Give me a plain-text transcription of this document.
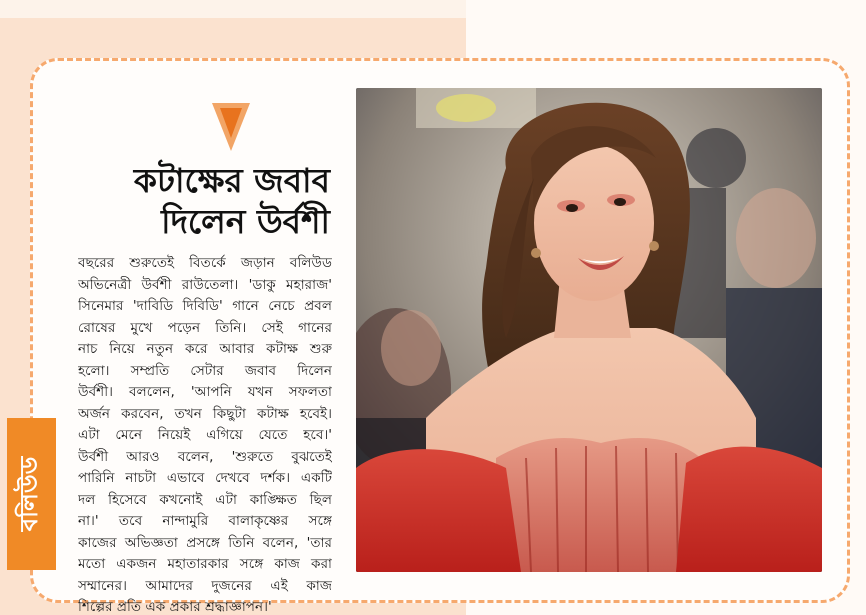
কটাক্ষের জবাব
দিলেন উর্বশী
বছরের শুরুতেই বিতর্কে জড়ান বলিউড
অভিনেত্রী উর্বশী রাউতেলা। 'ডাকু মহারাজ'
সিনেমার 'দাবিডি দিবিডি' গানে নেচে প্রবল
রোষের মুখে পড়েন তিনি। সেই গানের
নাচ নিয়ে নতুন করে আবার কটাক্ষ শুরু
হলো। সম্প্রতি সেটার জবাব দিলেন
উর্বশী। বললেন, 'আপনি যখন সফলতা
অর্জন করবেন, তখন কিছুটা কটাক্ষ হবেই।
এটা মেনে নিয়েই এগিয়ে যেতে হবে।'
উর্বশী আরও বলেন, 'শুরুতে বুঝতেই
পারিনি নাচটা এভাবে দেখবে দর্শক। একটি
দল হিসেবে কখনোই এটা কাঙ্ক্ষিত ছিল
না।' তবে নান্দামুরি বালাকৃষ্ণের সঙ্গে
কাজের অভিজ্ঞতা প্রসঙ্গে তিনি বলেন, 'তার
মতো একজন মহাতারকার সঙ্গে কাজ করা
সম্মানের। আমাদের দুজনের এই কাজ
শিল্পের প্রতি এক প্রকার শ্রদ্ধাজ্ঞাপন।'
বলিউড
